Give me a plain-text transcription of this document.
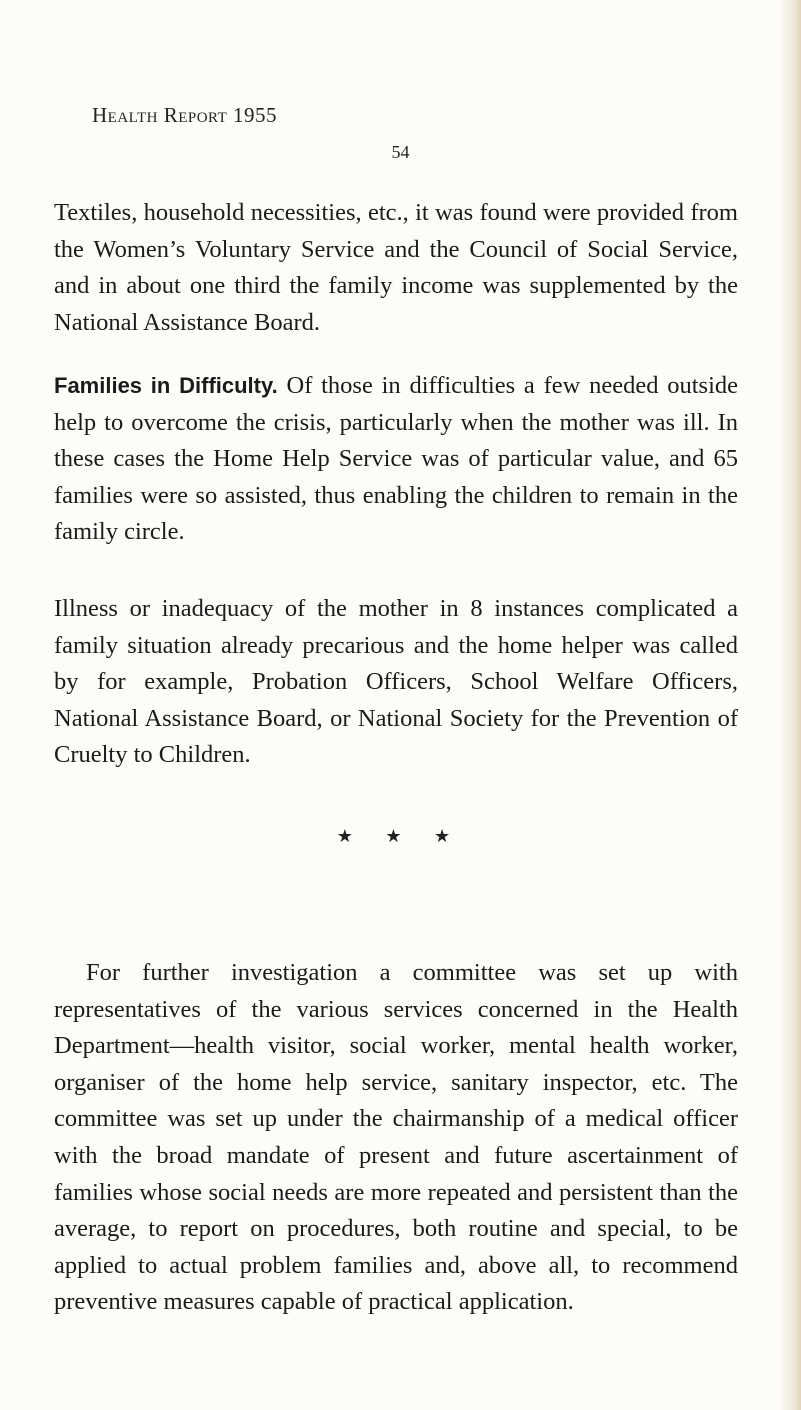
Health Report 1955
54

Textiles, household necessities, etc., it was found were provided from the Women’s Voluntary Service and the Council of Social Service, and in about one third the family income was supplemented by the National Assistance Board.

Families in Difficulty. Of those in difficulties a few needed outside help to overcome the crisis, particularly when the mother was ill. In these cases the Home Help Service was of particular value, and 65 families were so assisted, thus enabling the children to remain in the family circle.

Illness or inadequacy of the mother in 8 instances complicated a family situation already precarious and the home helper was called by for example, Probation Officers, School Welfare Officers, National Assistance Board, or National Society for the Prevention of Cruelty to Children.

★ ★ ★

For further investigation a committee was set up with representatives of the various services concerned in the Health Department—health visitor, social worker, mental health worker, organiser of the home help service, sanitary inspector, etc. The committee was set up under the chairmanship of a medical officer with the broad mandate of present and future ascertainment of families whose social needs are more repeated and persistent than the average, to report on procedures, both routine and special, to be applied to actual problem families and, above all, to recommend preventive measures capable of practical application.
